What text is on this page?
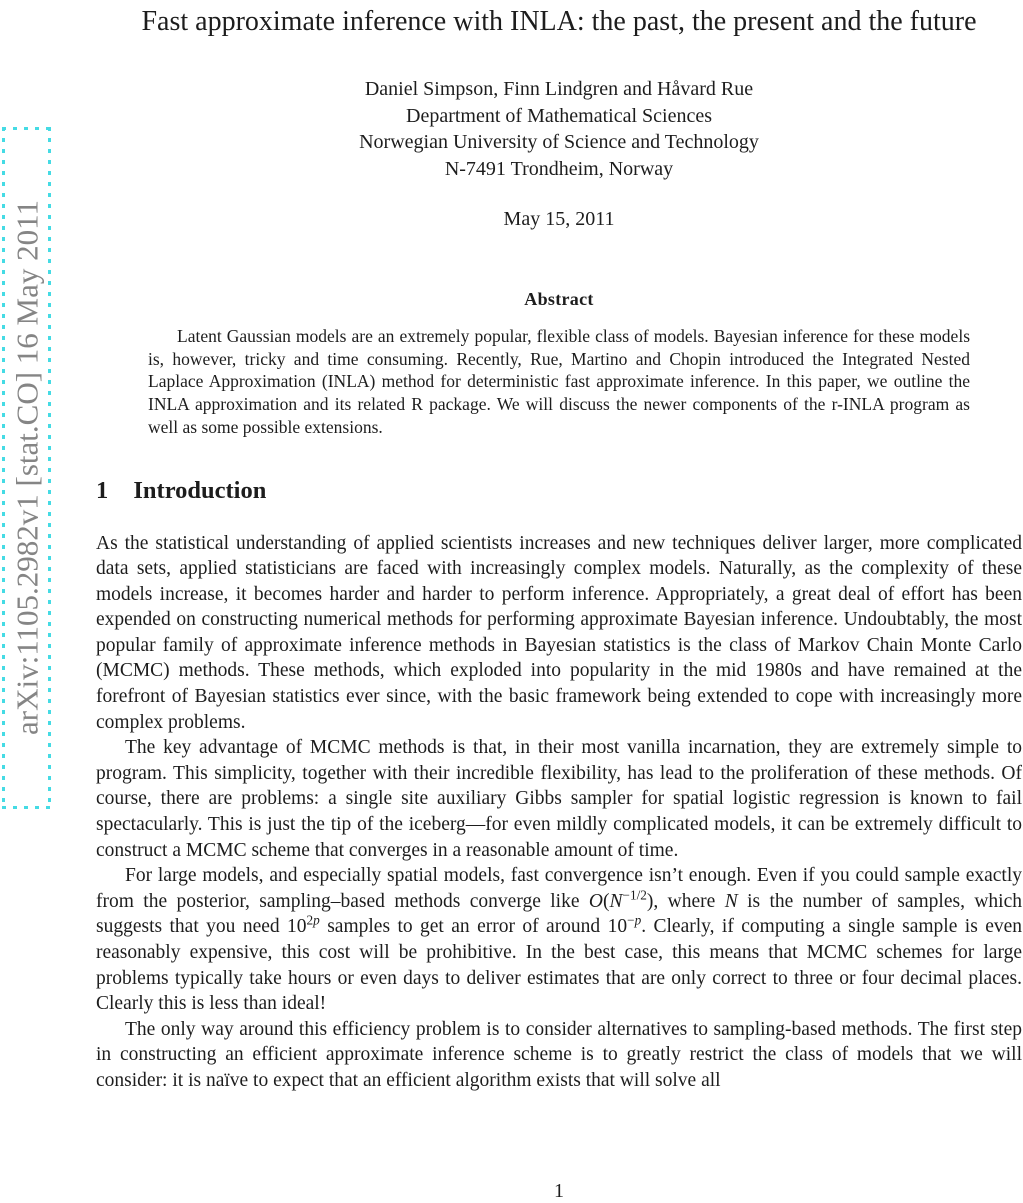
arXiv:1105.2982v1 [stat.CO] 16 May 2011
Fast approximate inference with INLA: the past, the present and the future
Daniel Simpson, Finn Lindgren and Håvard Rue
Department of Mathematical Sciences
Norwegian University of Science and Technology
N-7491 Trondheim, Norway
May 15, 2011
Abstract

Latent Gaussian models are an extremely popular, flexible class of models. Bayesian inference for these models is, however, tricky and time consuming. Recently, Rue, Martino and Chopin introduced the Integrated Nested Laplace Approximation (INLA) method for deterministic fast approximate inference. In this paper, we outline the INLA approximation and its related R package. We will discuss the newer components of the r-INLA program as well as some possible extensions.

1 Introduction

As the statistical understanding of applied scientists increases and new techniques deliver larger, more complicated data sets, applied statisticians are faced with increasingly complex models. Naturally, as the complexity of these models increase, it becomes harder and harder to perform inference. Appropriately, a great deal of effort has been expended on constructing numerical methods for performing approximate Bayesian inference. Undoubtably, the most popular family of approximate inference methods in Bayesian statistics is the class of Markov Chain Monte Carlo (MCMC) methods. These methods, which exploded into popularity in the mid 1980s and have remained at the forefront of Bayesian statistics ever since, with the basic framework being extended to cope with increasingly more complex problems.

The key advantage of MCMC methods is that, in their most vanilla incarnation, they are extremely simple to program. This simplicity, together with their incredible flexibility, has lead to the proliferation of these methods. Of course, there are problems: a single site auxiliary Gibbs sampler for spatial logistic regression is known to fail spectacularly. This is just the tip of the iceberg—for even mildly complicated models, it can be extremely difficult to construct a MCMC scheme that converges in a reasonable amount of time.

For large models, and especially spatial models, fast convergence isn’t enough. Even if you could sample exactly from the posterior, sampling–based methods converge like $O(N^{-1/2})$, where N is the number of samples, which suggests that you need $10^{2p}$ samples to get an error of around $10^{-p}$. Clearly, if computing a single sample is even reasonably expensive, this cost will be prohibitive. In the best case, this means that MCMC schemes for large problems typically take hours or even days to deliver estimates that are only correct to three or four decimal places. Clearly this is less than ideal!

The only way around this efficiency problem is to consider alternatives to sampling-based methods. The first step in constructing an efficient approximate inference scheme is to greatly restrict the class of models that we will consider: it is naïve to expect that an efficient algorithm exists that will solve all

1
